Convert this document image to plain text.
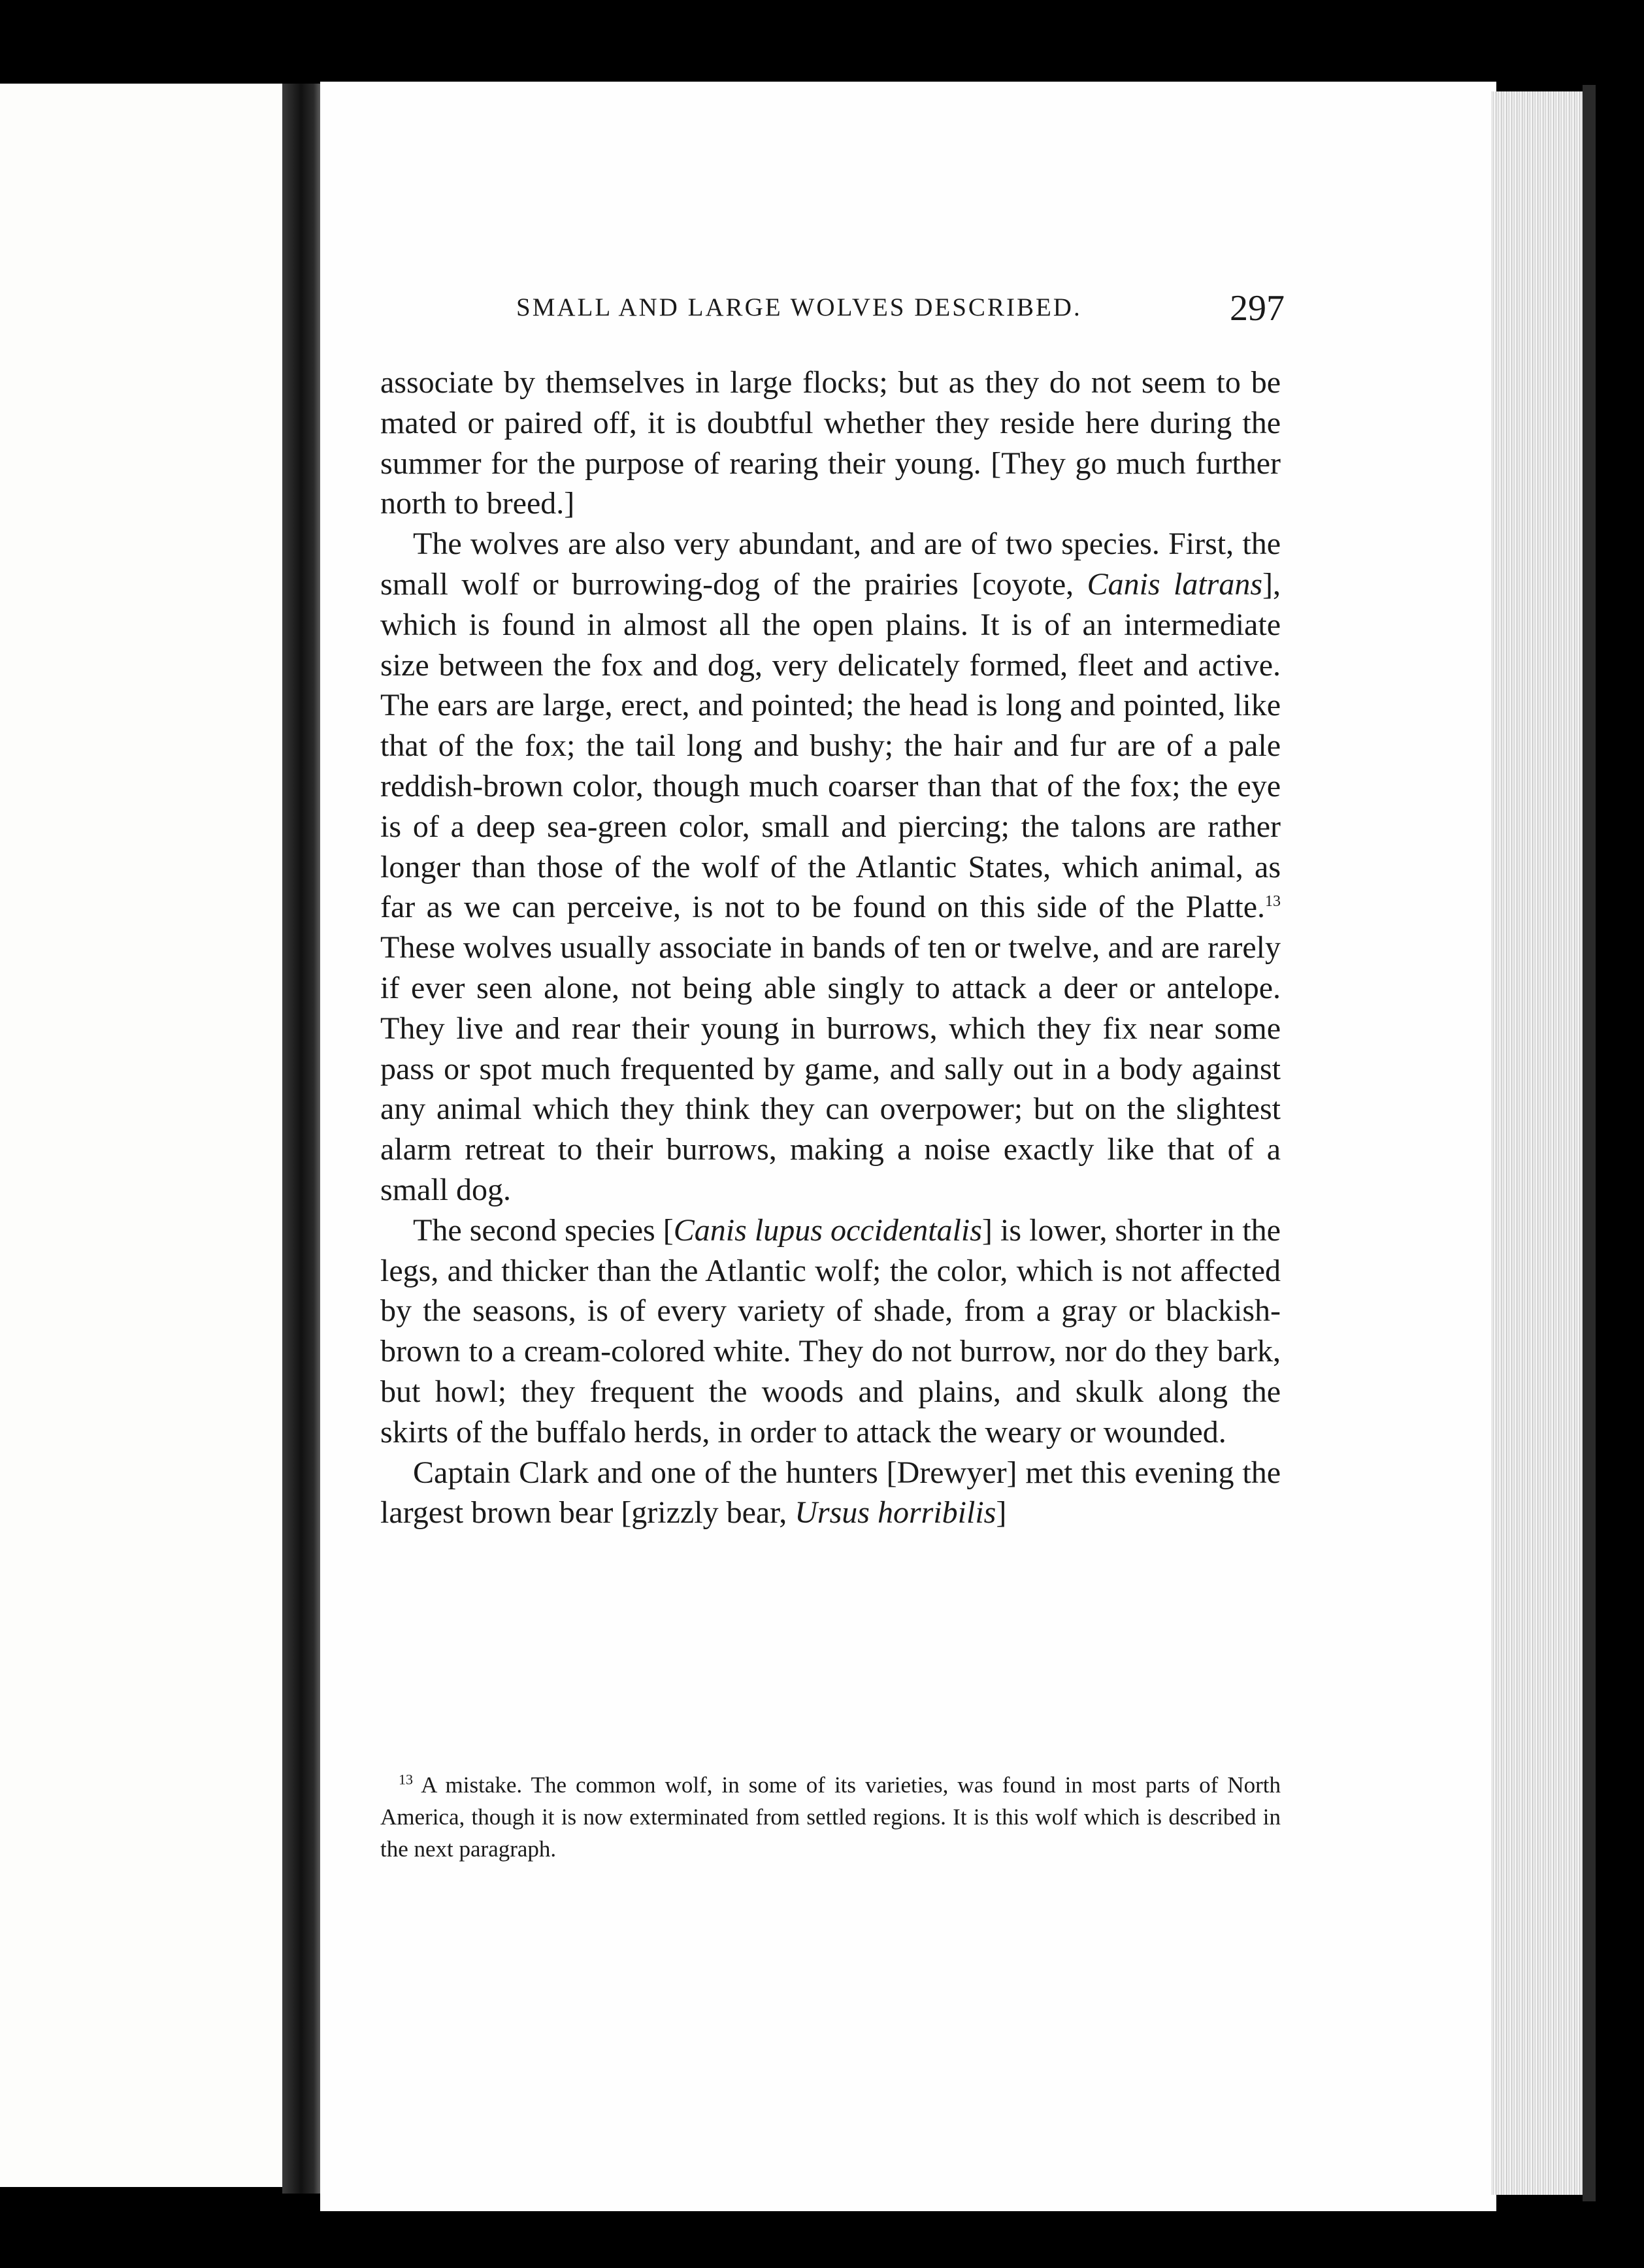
SMALL AND LARGE WOLVES DESCRIBED.	297

associate by themselves in large flocks; but as they do not seem to be mated or paired off, it is doubtful whether they reside here during the summer for the purpose of rearing their young. [They go much further north to breed.]

The wolves are also very abundant, and are of two species. First, the small wolf or burrowing-dog of the prairies [coyote, Canis latrans], which is found in almost all the open plains. It is of an intermediate size between the fox and dog, very delicately formed, fleet and active. The ears are large, erect, and pointed; the head is long and pointed, like that of the fox; the tail long and bushy; the hair and fur are of a pale reddish-brown color, though much coarser than that of the fox; the eye is of a deep sea-green color, small and piercing; the talons are rather longer than those of the wolf of the Atlantic States, which animal, as far as we can perceive, is not to be found on this side of the Platte.$^{13}$ These wolves usually associate in bands of ten or twelve, and are rarely if ever seen alone, not being able singly to attack a deer or antelope. They live and rear their young in burrows, which they fix near some pass or spot much frequented by game, and sally out in a body against any animal which they think they can overpower; but on the slightest alarm retreat to their burrows, making a noise exactly like that of a small dog.

The second species [Canis lupus occidentalis] is lower, shorter in the legs, and thicker than the Atlantic wolf; the color, which is not affected by the seasons, is of every variety of shade, from a gray or blackish-brown to a cream-colored white. They do not burrow, nor do they bark, but howl; they frequent the woods and plains, and skulk along the skirts of the buffalo herds, in order to attack the weary or wounded.

Captain Clark and one of the hunters [Drewyer] met this evening the largest brown bear [grizzly bear, Ursus horribilis]

$^{13}$ A mistake. The common wolf, in some of its varieties, was found in most parts of North America, though it is now exterminated from settled regions. It is this wolf which is described in the next paragraph.
